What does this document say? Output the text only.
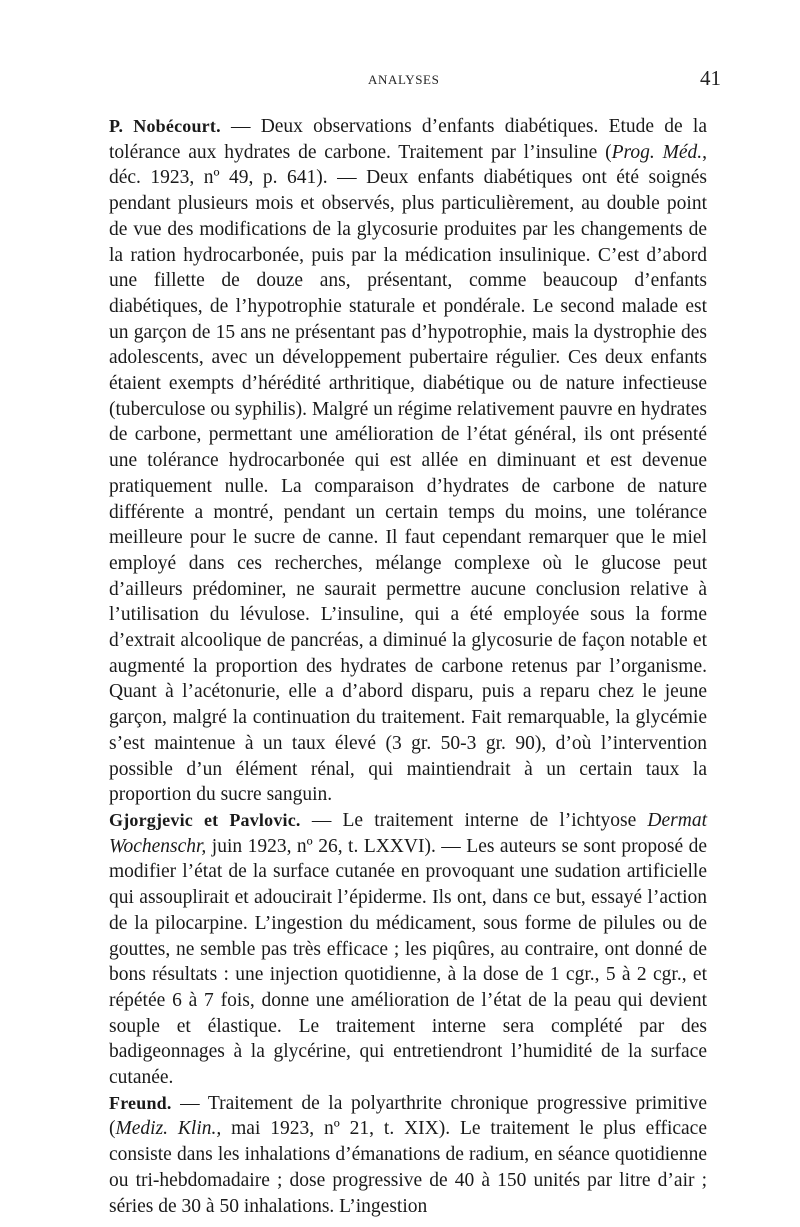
ANALYSES	41

P. Nobécourt. — Deux observations d’enfants diabétiques. Etude de la tolérance aux hydrates de carbone. Traitement par l’insuline (Prog. Méd., déc. 1923, nº 49, p. 641). — Deux enfants diabétiques ont été soignés pendant plusieurs mois et observés, plus particulièrement, au double point de vue des modifications de la glycosurie produites par les changements de la ration hydrocarbonée, puis par la médication insulinique. C’est d’abord une fillette de douze ans, présentant, comme beaucoup d’enfants diabétiques, de l’hypotrophie staturale et pondérale. Le second malade est un garçon de 15 ans ne présentant pas d’hypotrophie, mais la dystrophie des adolescents, avec un développement pubertaire régulier. Ces deux enfants étaient exempts d’hérédité arthritique, diabétique ou de nature infectieuse (tuberculose ou syphilis). Malgré un régime relativement pauvre en hydrates de carbone, permettant une amélioration de l’état général, ils ont présenté une tolérance hydrocarbonée qui est allée en diminuant et est devenue pratiquement nulle. La comparaison d’hydrates de carbone de nature différente a montré, pendant un certain temps du moins, une tolérance meilleure pour le sucre de canne. Il faut cependant remarquer que le miel employé dans ces recherches, mélange complexe où le glucose peut d’ailleurs prédominer, ne saurait permettre aucune conclusion relative à l’utilisation du lévulose. L’insuline, qui a été employée sous la forme d’extrait alcoolique de pancréas, a diminué la glycosurie de façon notable et augmenté la proportion des hydrates de carbone retenus par l’organisme. Quant à l’acétonurie, elle a d’abord disparu, puis a reparu chez le jeune garçon, malgré la continuation du traitement. Fait remarquable, la glycémie s’est maintenue à un taux élevé (3 gr. 50-3 gr. 90), d’où l’intervention possible d’un élément rénal, qui maintiendrait à un certain taux la proportion du sucre sanguin.

Gjorgjevic et Pavlovic. — Le traitement interne de l’ichtyose Dermat Wochenschr, juin 1923, nº 26, t. LXXVI). — Les auteurs se sont proposé de modifier l’état de la surface cutanée en provoquant une sudation artificielle qui assouplirait et adoucirait l’épiderme. Ils ont, dans ce but, essayé l’action de la pilocarpine. L’ingestion du médicament, sous forme de pilules ou de gouttes, ne semble pas très efficace ; les piqûres, au contraire, ont donné de bons résultats : une injection quotidienne, à la dose de 1 cgr., 5 à 2 cgr., et répétée 6 à 7 fois, donne une amélioration de l’état de la peau qui devient souple et élastique. Le traitement interne sera complété par des badigeonnages à la glycérine, qui entretiendront l’humidité de la surface cutanée.

Freund. — Traitement de la polyarthrite chronique progressive primitive (Mediz. Klin., mai 1923, nº 21, t. XIX). Le traitement le plus efficace consiste dans les inhalations d’émanations de radium, en séance quotidienne ou tri-hebdomadaire ; dose progressive de 40 à 150 unités par litre d’air ; séries de 30 à 50 inhalations. L’ingestion
